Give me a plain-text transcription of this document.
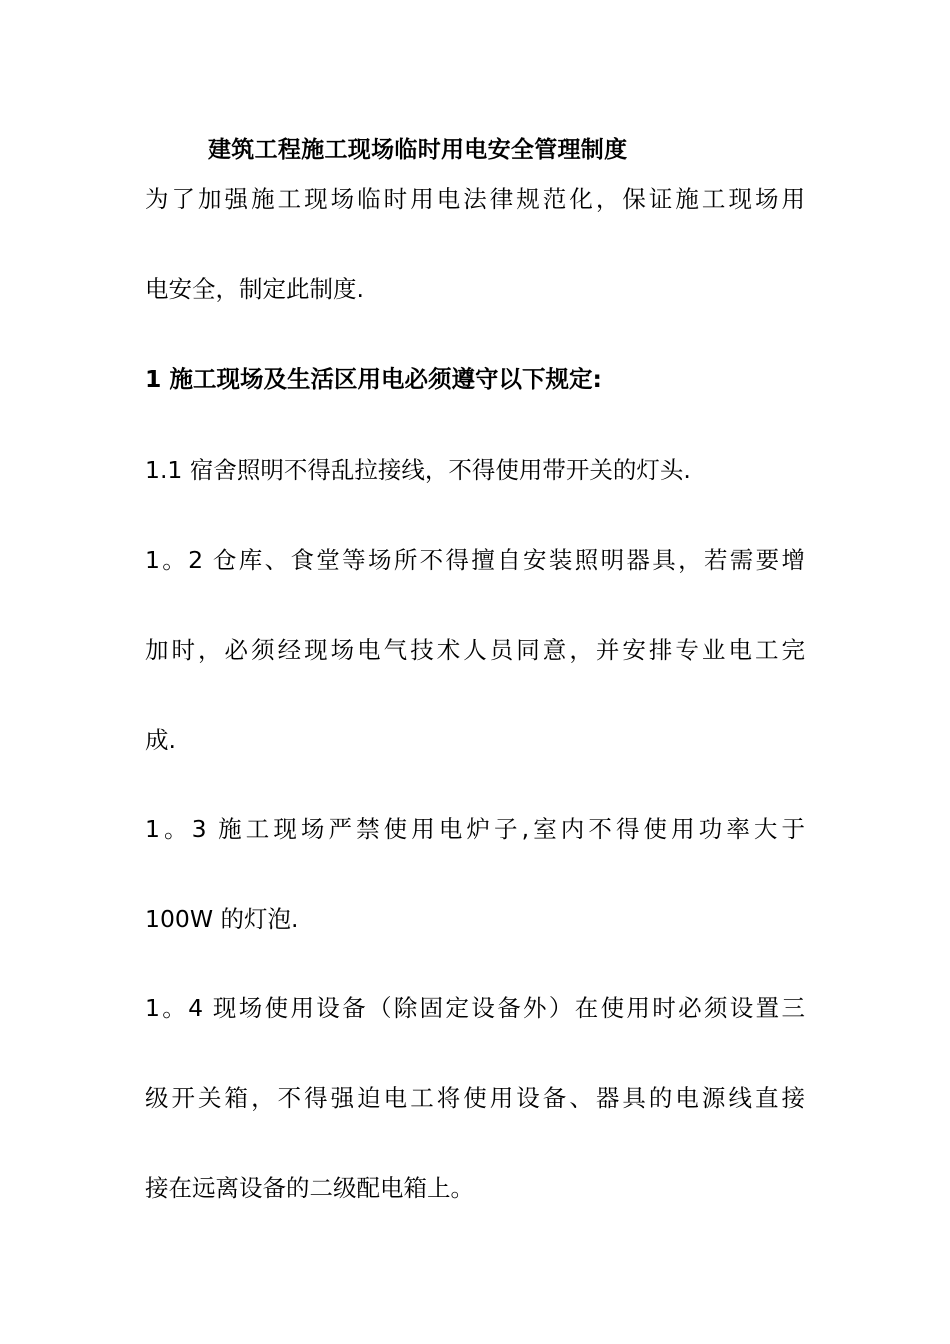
建筑工程施工现场临时用电安全管理制度
为了加强施工现场临时用电法律规范化，保证施工现场用
电安全，制定此制度.
1 施工现场及生活区用电必须遵守以下规定:
1.1 宿舍照明不得乱拉接线，不得使用带开关的灯头.
1。2 仓库、食堂等场所不得擅自安装照明器具，若需要增
加时，必须经现场电气技术人员同意，并安排专业电工完
成.
1。3 施工现场严禁使用电炉子,室内不得使用功率大于
100W 的灯泡.
1。4 现场使用设备（除固定设备外）在使用时必须设置三
级开关箱，不得强迫电工将使用设备、器具的电源线直接
接在远离设备的二级配电箱上。
